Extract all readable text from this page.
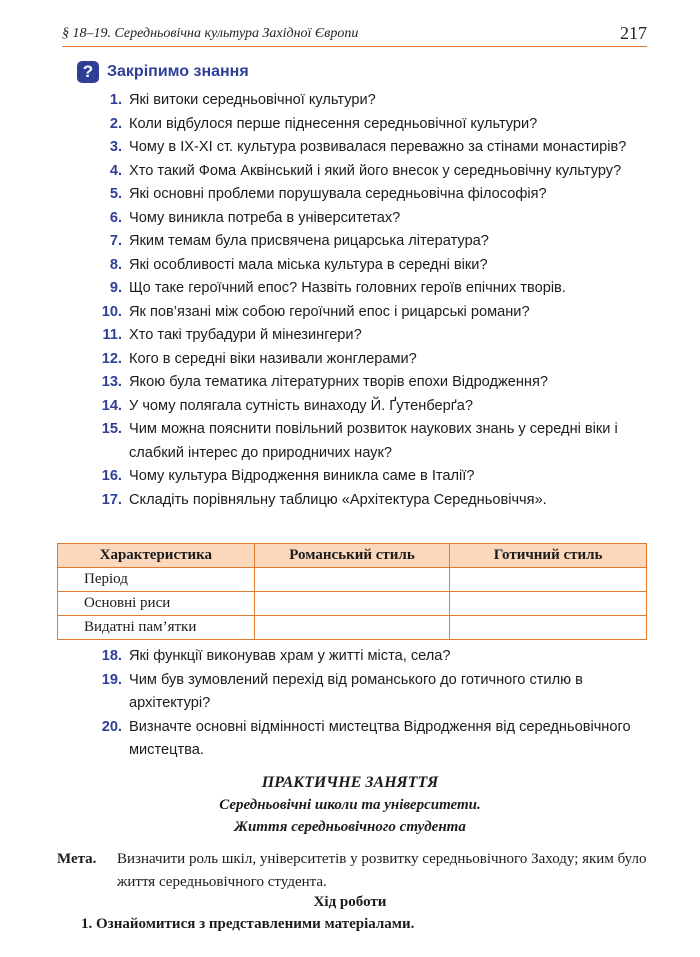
§ 18–19. Середньовічна культура Західної Європи	217
? Закріпимо знання
1. Які витоки середньовічної культури?
2. Коли відбулося перше піднесення середньовічної культури?
3. Чому в ІХ-ХІ ст. культура розвивалася переважно за стінами монастирів?
4. Хто такий Фома Аквінський і який його внесок у середньовічну культуру?
5. Які основні проблеми порушувала середньовічна філософія?
6. Чому виникла потреба в університетах?
7. Яким темам була присвячена рицарська література?
8. Які особливості мала міська культура в середні віки?
9. Що таке героїчний епос? Назвіть головних героїв епічних творів.
10. Як пов’язані між собою героїчний епос і рицарські романи?
11. Хто такі трубадури й мінезингери?
12. Кого в середні віки називали жонглерами?
13. Якою була тематика літературних творів епохи Відродження?
14. У чому полягала сутність винаходу Й. Ґутенберґа?
15. Чим можна пояснити повільний розвиток наукових знань у середні віки і слабкий інтерес до природничих наук?
16. Чому культура Відродження виникла саме в Італії?
17. Складіть порівняльну таблицю «Архітектура Середньовіччя».
Характеристика	Романський стиль	Готичний стиль
Період		
Основні риси		
Видатні пам’ятки		
18. Які функції виконував храм у житті міста, села?
19. Чим був зумовлений перехід від романського до готичного стилю в архітектурі?
20. Визначте основні відмінності мистецтва Відродження від середньовічного мистецтва.
ПРАКТИЧНЕ ЗАНЯТТЯ
Середньовічні школи та університети.
Життя середньовічного студента
Мета. Визначити роль шкіл, університетів у розвитку середньовічного Заходу; яким було життя середньовічного студента.
Хід роботи
1. Ознайомитися з представленими матеріалами.
